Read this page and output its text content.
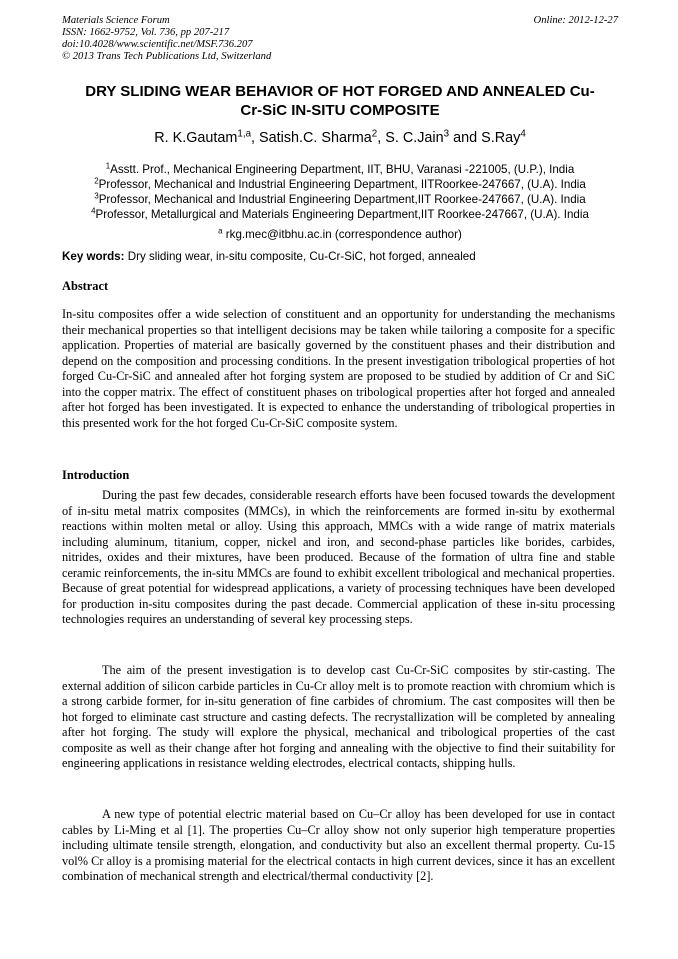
Materials Science Forum
ISSN: 1662-9752, Vol. 736, pp 207-217
doi:10.4028/www.scientific.net/MSF.736.207
© 2013 Trans Tech Publications Ltd, Switzerland
Online: 2012-12-27
DRY SLIDING WEAR BEHAVIOR OF HOT FORGED AND ANNEALED Cu-
Cr-SiC IN-SITU COMPOSITE
R. K.Gautam$^{1,a}$, Satish.C. Sharma$^2$, S. C.Jain$^3$ and S.Ray$^4$
$^1$Asstt. Prof., Mechanical Engineering Department, IIT, BHU, Varanasi -221005, (U.P.), India
$^2$Professor, Mechanical and Industrial Engineering Department, IITRoorkee-247667, (U.A). India
$^3$Professor, Mechanical and Industrial Engineering Department,IIT Roorkee-247667, (U.A). India
$^4$Professor, Metallurgical and Materials Engineering Department,IIT Roorkee-247667, (U.A). India
$^a$ rkg.mec@itbhu.ac.in (correspondence author)
Key words: Dry sliding wear, in-situ composite, Cu-Cr-SiC, hot forged, annealed
Abstract
In-situ composites offer a wide selection of constituent and an opportunity for understanding the mechanisms their mechanical properties so that intelligent decisions may be taken while tailoring a composite for a specific application. Properties of material are basically governed by the constituent phases and their distribution and depend on the composition and processing conditions. In the present investigation tribological properties of hot forged Cu-Cr-SiC and annealed after hot forging system are proposed to be studied by addition of Cr and SiC into the copper matrix. The effect of constituent phases on tribological properties after hot forged and annealed after hot forged has been investigated. It is expected to enhance the understanding of tribological properties in this presented work for the hot forged Cu-Cr-SiC composite system.
Introduction
During the past few decades, considerable research efforts have been focused towards the development of in-situ metal matrix composites (MMCs), in which the reinforcements are formed in-situ by exothermal reactions within molten metal or alloy. Using this approach, MMCs with a wide range of matrix materials including aluminum, titanium, copper, nickel and iron, and second-phase particles like borides, carbides, nitrides, oxides and their mixtures, have been produced. Because of the formation of ultra fine and stable ceramic reinforcements, the in-situ MMCs are found to exhibit excellent tribological and mechanical properties. Because of great potential for widespread applications, a variety of processing techniques have been developed for production in-situ composites during the past decade. Commercial application of these in-situ processing technologies requires an understanding of several key processing steps.
The aim of the present investigation is to develop cast Cu-Cr-SiC composites by stir-casting. The external addition of silicon carbide particles in Cu-Cr alloy melt is to promote reaction with chromium which is a strong carbide former, for in-situ generation of fine carbides of chromium. The cast composites will then be hot forged to eliminate cast structure and casting defects. The recrystallization will be completed by annealing after hot forging. The study will explore the physical, mechanical and tribological properties of the cast composite as well as their change after hot forging and annealing with the objective to find their suitability for engineering applications in resistance welding electrodes, electrical contacts, shipping hulls.
A new type of potential electric material based on Cu–Cr alloy has been developed for use in contact cables by Li-Ming et al [1]. The properties Cu–Cr alloy show not only superior high temperature properties including ultimate tensile strength, elongation, and conductivity but also an excellent thermal property. Cu-15 vol% Cr alloy is a promising material for the electrical contacts in high current devices, since it has an excellent combination of mechanical strength and electrical/thermal conductivity [2].
